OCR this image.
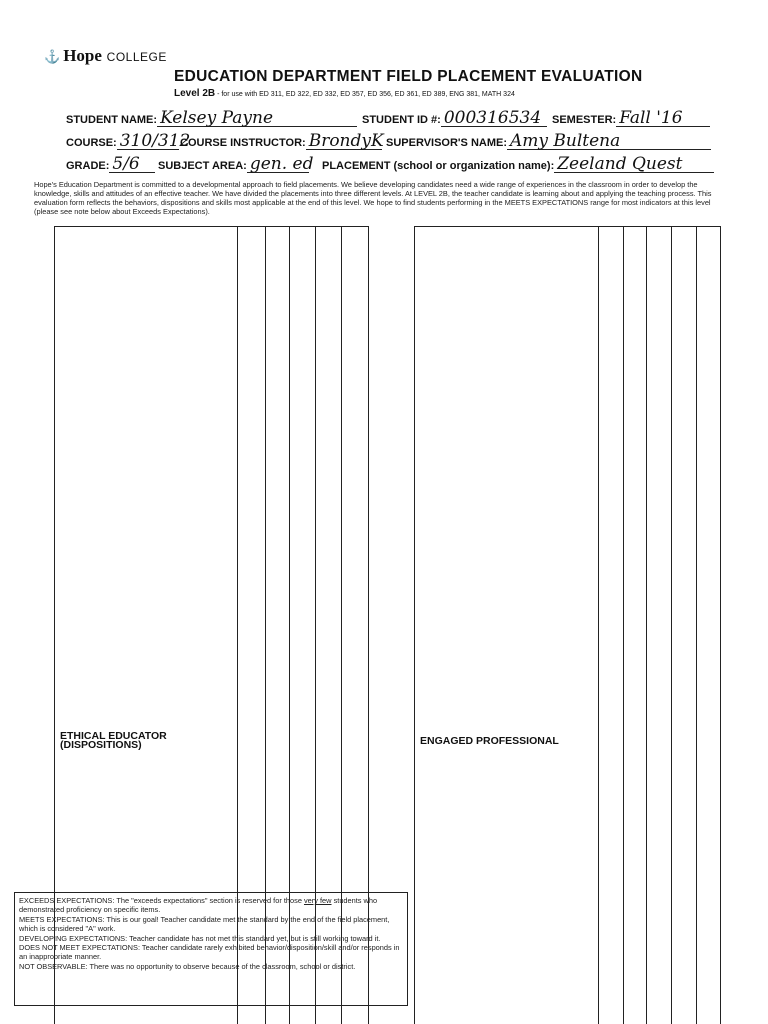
⚓ Hope COLLEGE
EDUCATION DEPARTMENT FIELD PLACEMENT EVALUATION
Level 2B - for use with ED 311, ED 322, ED 332, ED 357, ED 356, ED 361, ED 389, ENG 381, MATH 324
STUDENT NAME: Kelsey Payne	STUDENT ID #: 000316534 SEMESTER: Fall '16
COURSE: 310/312
COURSE INSTRUCTOR: BrondyK SUPERVISOR'S NAME: Amy Bultena
GRADE: 5/6	SUBJECT AREA: gen. ed PLACEMENT (school or organization name): Zeeland Quest
Hope's Education Department is committed to a developmental approach to field placements. We believe developing candidates need a wide range of experiences in the classroom in order to develop the knowledge, skills and attitudes of an effective teacher. We have divided the placements into three different levels. At LEVEL 2B, the teacher candidate is learning about and applying the teaching process. This evaluation form reflects the behaviors, dispositions and skills most applicable at the end of this level. We hope to find students performing in the MEETS EXPECTATIONS range for most indicators at this level (please see note below about Exceeds Expectations).
ETHICAL EDUCATOR (DISPOSITIONS)	

						ENGAGED PROFESSIONAL	

EXCEEDS EXPECTATIONS: The "exceeds expectations" section is reserved for those very few students who demonstrated proficiency on specific items.
MEETS EXPECTATIONS: This is our goal! Teacher candidate met the standard by the end of the field placement, which is considered "A" work.
DEVELOPING EXPECTATIONS: Teacher candidate has not met this standard yet, but is still working toward it.
DOES NOT MEET EXPECTATIONS: Teacher candidate rarely exhibited behavior/disposition/skill and/or responds in an inappropriate manner.
NOT OBSERVABLE: There was no opportunity to observe because of the classroom, school or district.
